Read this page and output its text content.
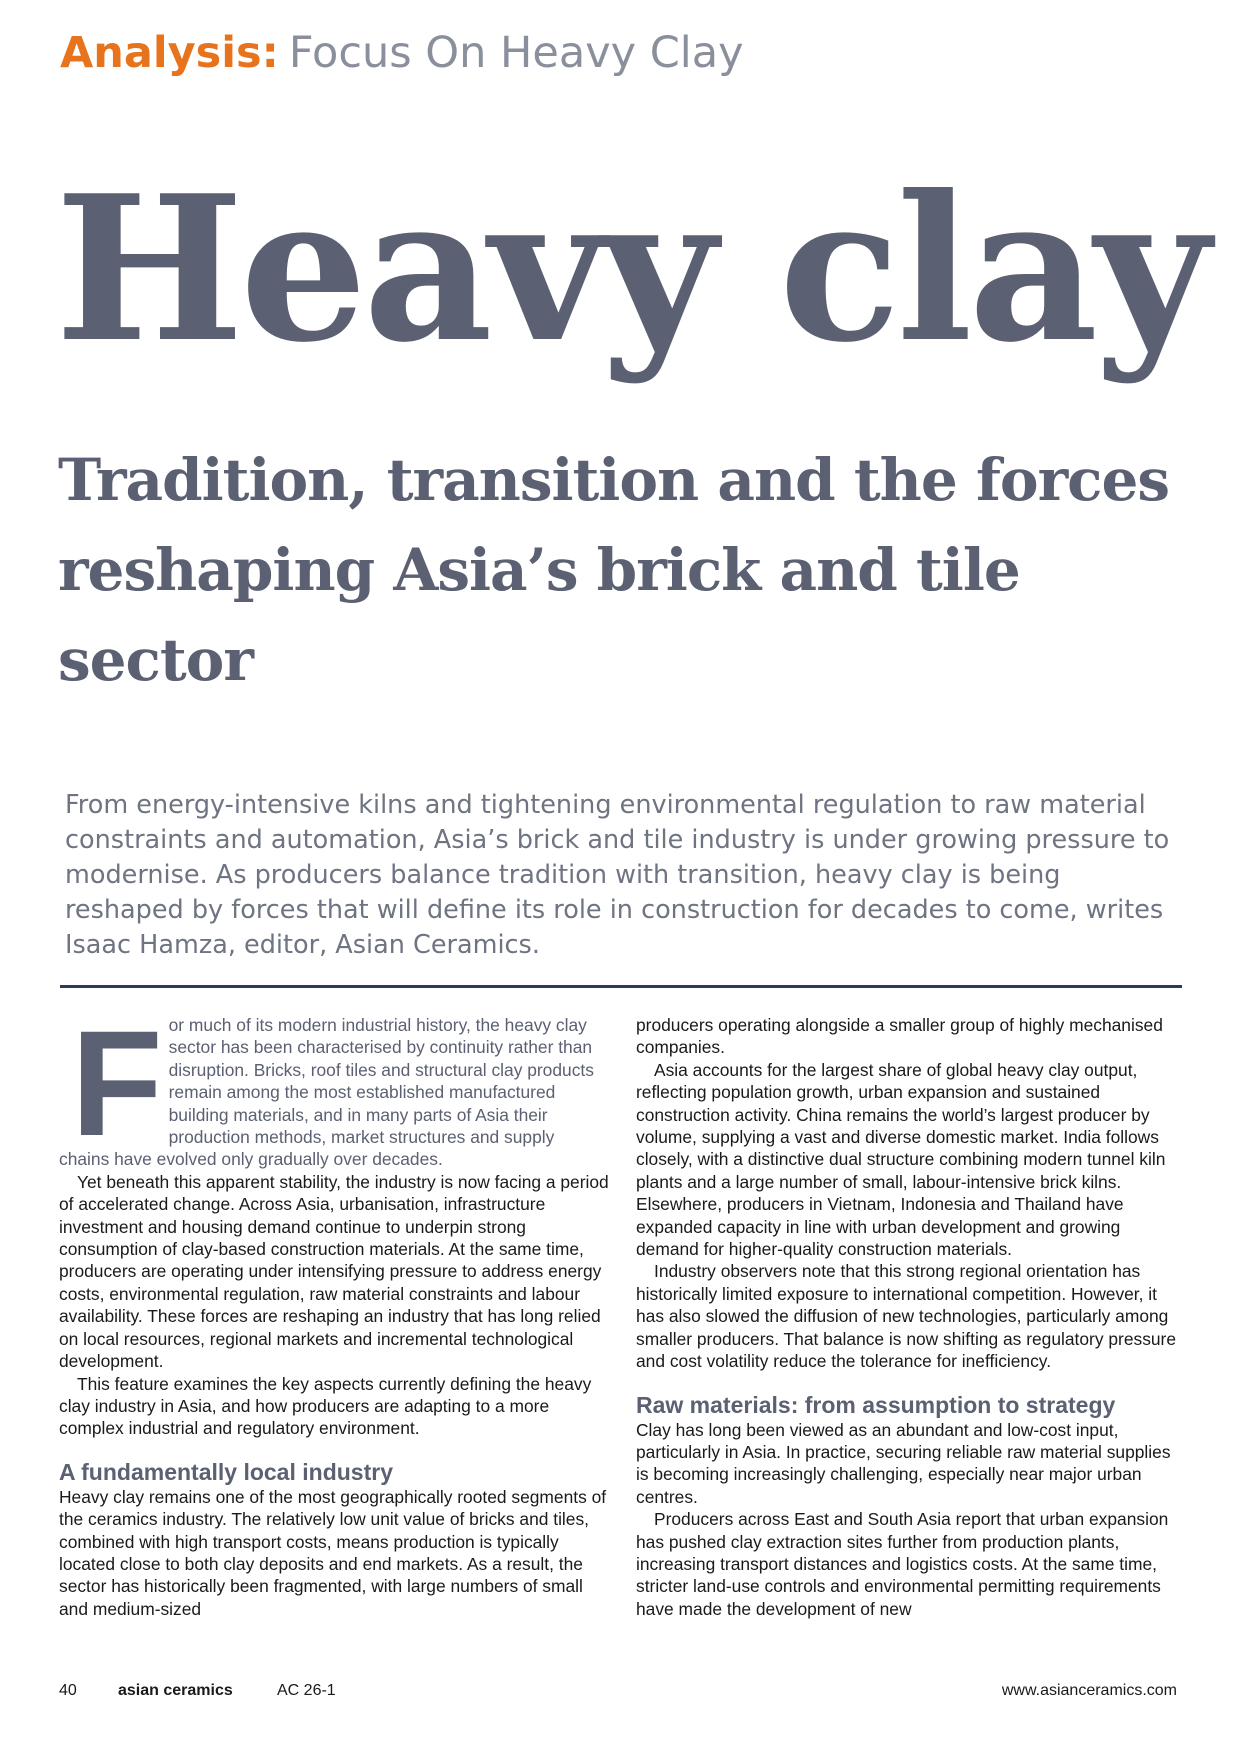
Analysis: Focus On Heavy Clay
Heavy clay
Tradition, transition and the forces
reshaping Asia’s brick and tile sector

From energy-intensive kilns and tightening environmental regulation to raw material constraints and automation, Asia’s brick and tile industry is under growing pressure to modernise. As producers balance tradition with transition, heavy clay is being reshaped by forces that will define its role in construction for decades to come, writes Isaac Hamza, editor, Asian Ceramics.

F or much of its modern industrial history, the heavy clay sector has been characterised by continuity rather than disruption. Bricks, roof tiles and structural clay products remain among the most established manufactured building materials, and in many parts of Asia their production methods, market structures and supply chains have evolved only gradually over decades.

Yet beneath this apparent stability, the industry is now facing a period of accelerated change. Across Asia, urbanisation, infrastructure investment and housing demand continue to underpin strong consumption of clay-based construction materials. At the same time, producers are operating under intensifying pressure to address energy costs, environmental regulation, raw material constraints and labour availability. These forces are reshaping an industry that has long relied on local resources, regional markets and incremental technological development.

This feature examines the key aspects currently defining the heavy clay industry in Asia, and how producers are adapting to a more complex industrial and regulatory environment.

A fundamentally local industry

Heavy clay remains one of the most geographically rooted segments of the ceramics industry. The relatively low unit value of bricks and tiles, combined with high transport costs, means production is typically located close to both clay deposits and end markets. As a result, the sector has historically been fragmented, with large numbers of small and medium-sized

producers operating alongside a smaller group of highly mechanised companies.

Asia accounts for the largest share of global heavy clay output, reflecting population growth, urban expansion and sustained construction activity. China remains the world’s largest producer by volume, supplying a vast and diverse domestic market. India follows closely, with a distinctive dual structure combining modern tunnel kiln plants and a large number of small, labour-intensive brick kilns. Elsewhere, producers in Vietnam, Indonesia and Thailand have expanded capacity in line with urban development and growing demand for higher-quality construction materials.

Industry observers note that this strong regional orientation has historically limited exposure to international competition. However, it has also slowed the diffusion of new technologies, particularly among smaller producers. That balance is now shifting as regulatory pressure and cost volatility reduce the tolerance for inefficiency.

Raw materials: from assumption to strategy

Clay has long been viewed as an abundant and low-cost input, particularly in Asia. In practice, securing reliable raw material supplies is becoming increasingly challenging, especially near major urban centres.

Producers across East and South Asia report that urban expansion has pushed clay extraction sites further from production plants, increasing transport distances and logistics costs. At the same time, stricter land-use controls and environmental permitting requirements have made the development of new

40	asian ceramics	AC 26-1	www.asianceramics.com
